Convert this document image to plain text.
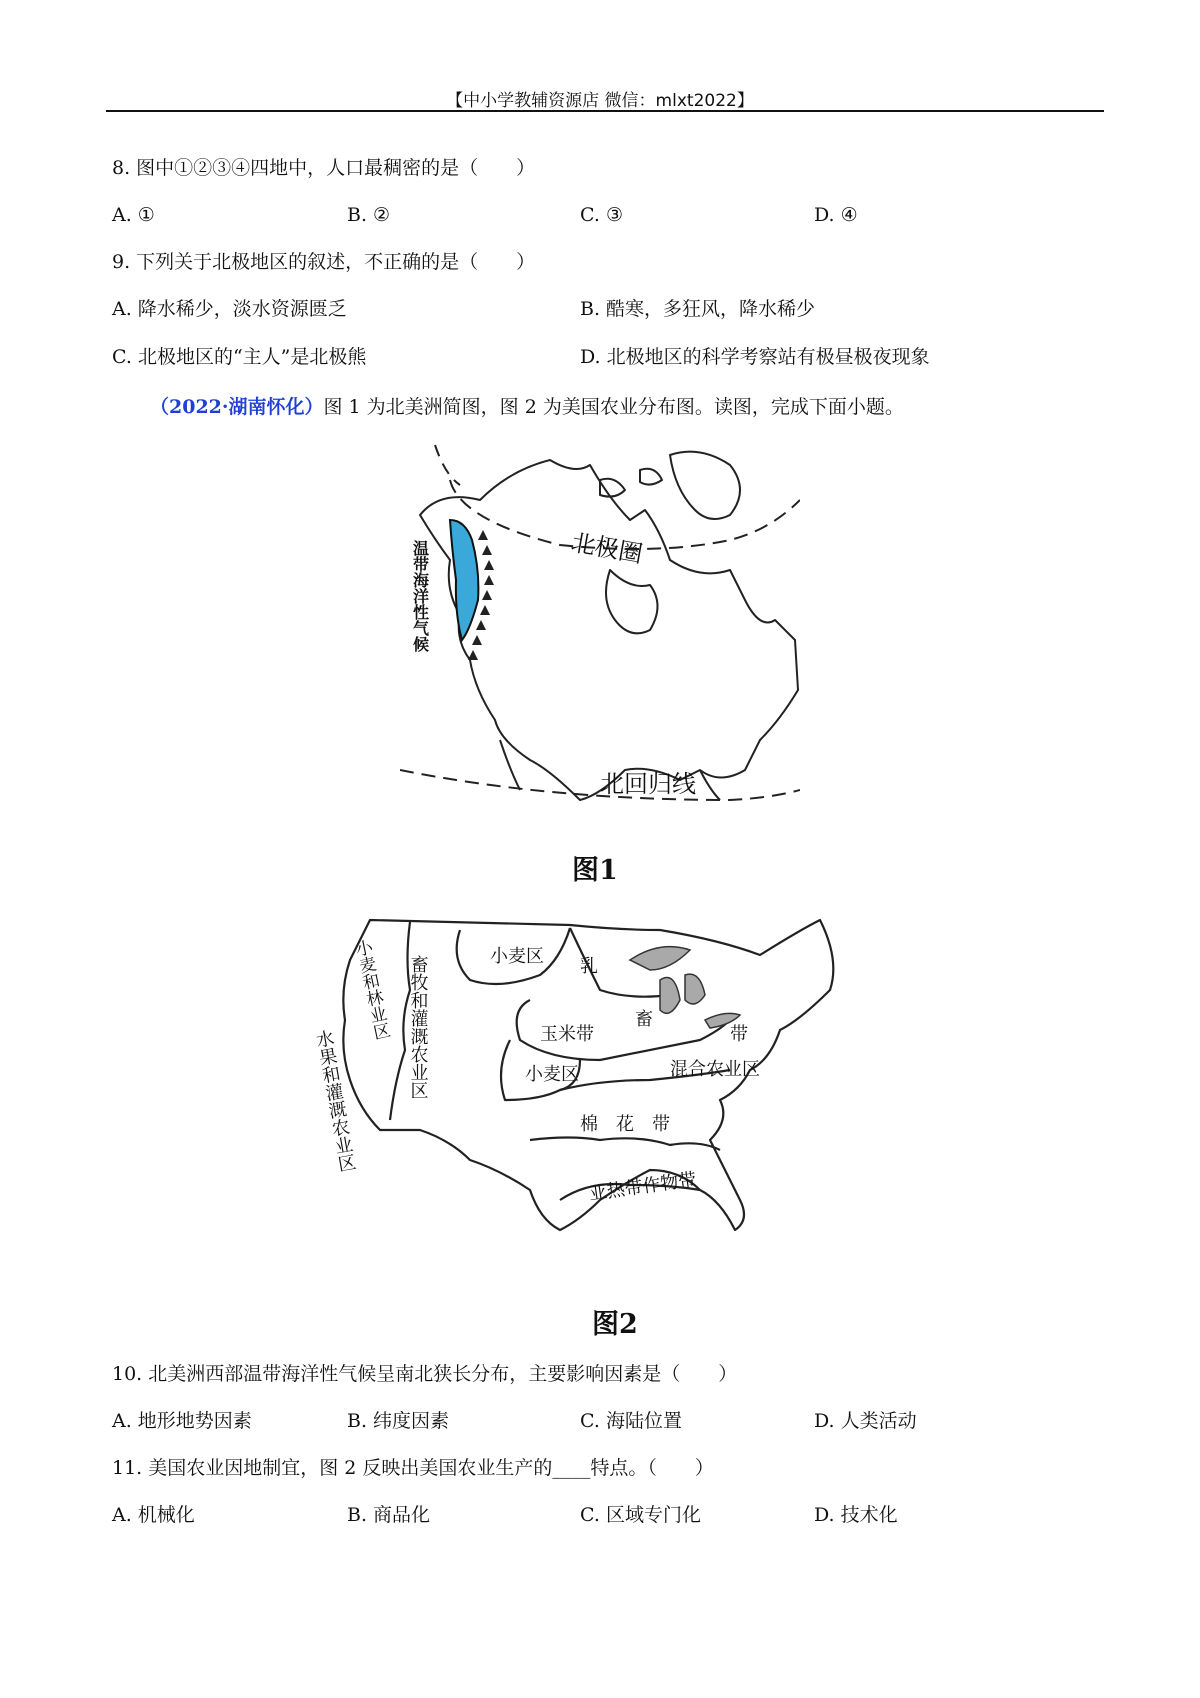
【中小学教辅资源店 微信：mlxt2022】
8. 图中①②③④四地中，人口最稠密的是（　　）
A. ①	B. ②	C. ③	D. ④
9. 下列关于北极地区的叙述，不正确的是（　　）
A. 降水稀少，淡水资源匮乏	B. 酷寒，多狂风，降水稀少
C. 北极地区的“主人”是北极熊	D. 北极地区的科学考察站有极昼极夜现象
（2022·湖南怀化）图 1 为北美洲简图，图 2 为美国农业分布图。读图，完成下面小题。
北极圈
北回归线
温带海洋性气候
图1
小麦和林业区
水果和灌溉农业区
畜牧和灌溉农业区	小麦区 乳
畜
带
玉米带
小麦区	混合农业区
棉　花　带
亚热带作物带
图2
10. 北美洲西部温带海洋性气候呈南北狭长分布，主要影响因素是（　　）
A. 地形地势因素	B. 纬度因素	C. 海陆位置	D. 人类活动
11. 美国农业因地制宜，图 2 反映出美国农业生产的____特点。（　　）
A. 机械化	B. 商品化	C. 区域专门化	D. 技术化
